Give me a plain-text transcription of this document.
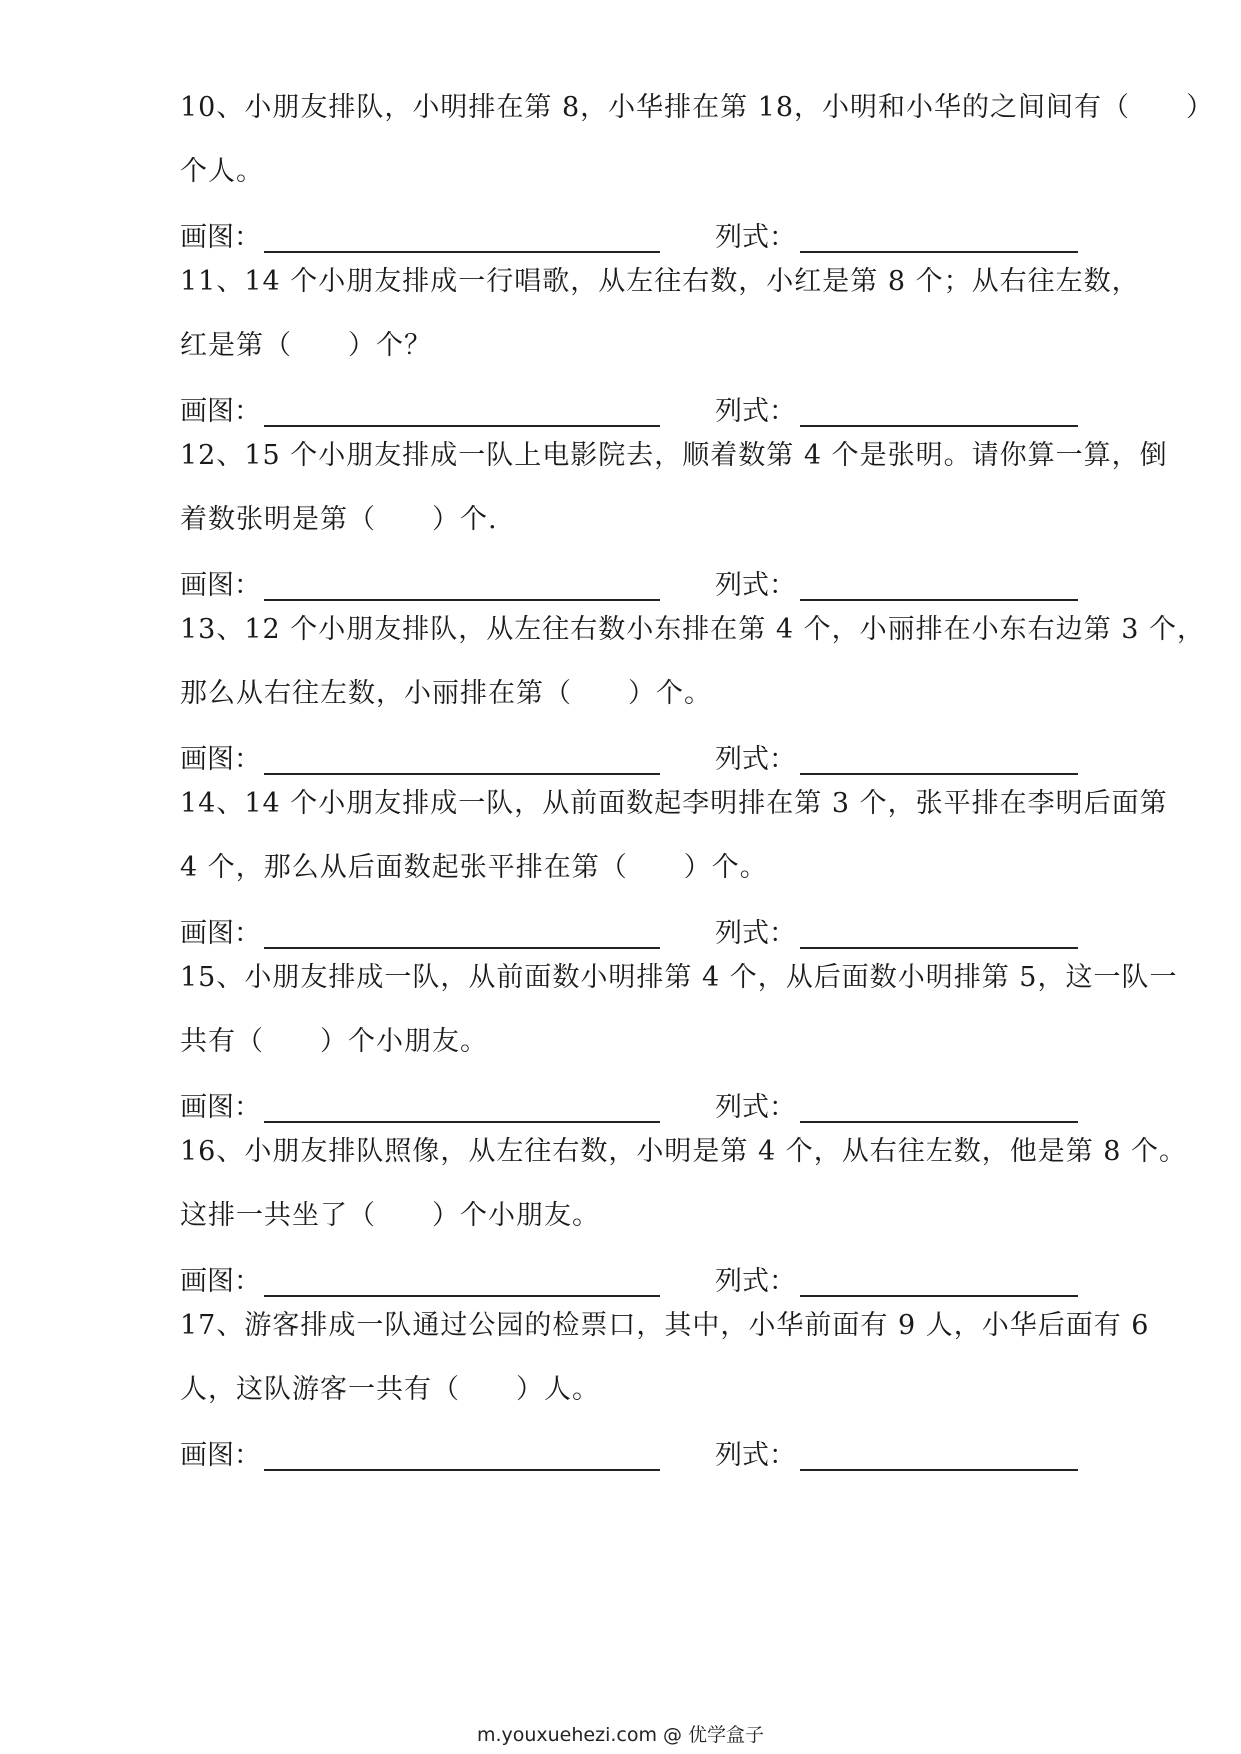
10、小朋友排队，小明排在第 8，小华排在第 18，小明和小华的之间间有（　　）
个人。
画图：	列式：
11、14 个小朋友排成一行唱歌，从左往右数，小红是第 8 个；从右往左数，
红是第（　　）个？
画图：	列式：
12、15 个小朋友排成一队上电影院去，顺着数第 4 个是张明。请你算一算，倒
着数张明是第（　　）个.
画图：	列式：
13、12 个小朋友排队，从左往右数小东排在第 4 个，小丽排在小东右边第 3 个，
那么从右往左数，小丽排在第（　　）个。
画图：	列式：
14、14 个小朋友排成一队，从前面数起李明排在第 3 个，张平排在李明后面第
4 个，那么从后面数起张平排在第（　　）个。
画图：	列式：
15、小朋友排成一队，从前面数小明排第 4 个，从后面数小明排第 5，这一队一
共有（　　）个小朋友。
画图：	列式：
16、小朋友排队照像，从左往右数，小明是第 4 个，从右往左数，他是第 8 个。
这排一共坐了（　　）个小朋友。
画图：	列式：
17、游客排成一队通过公园的检票口，其中，小华前面有 9 人，小华后面有 6
人，这队游客一共有（　　）人。
画图：	列式：
m.youxuehezi.com @ 优学盒子
